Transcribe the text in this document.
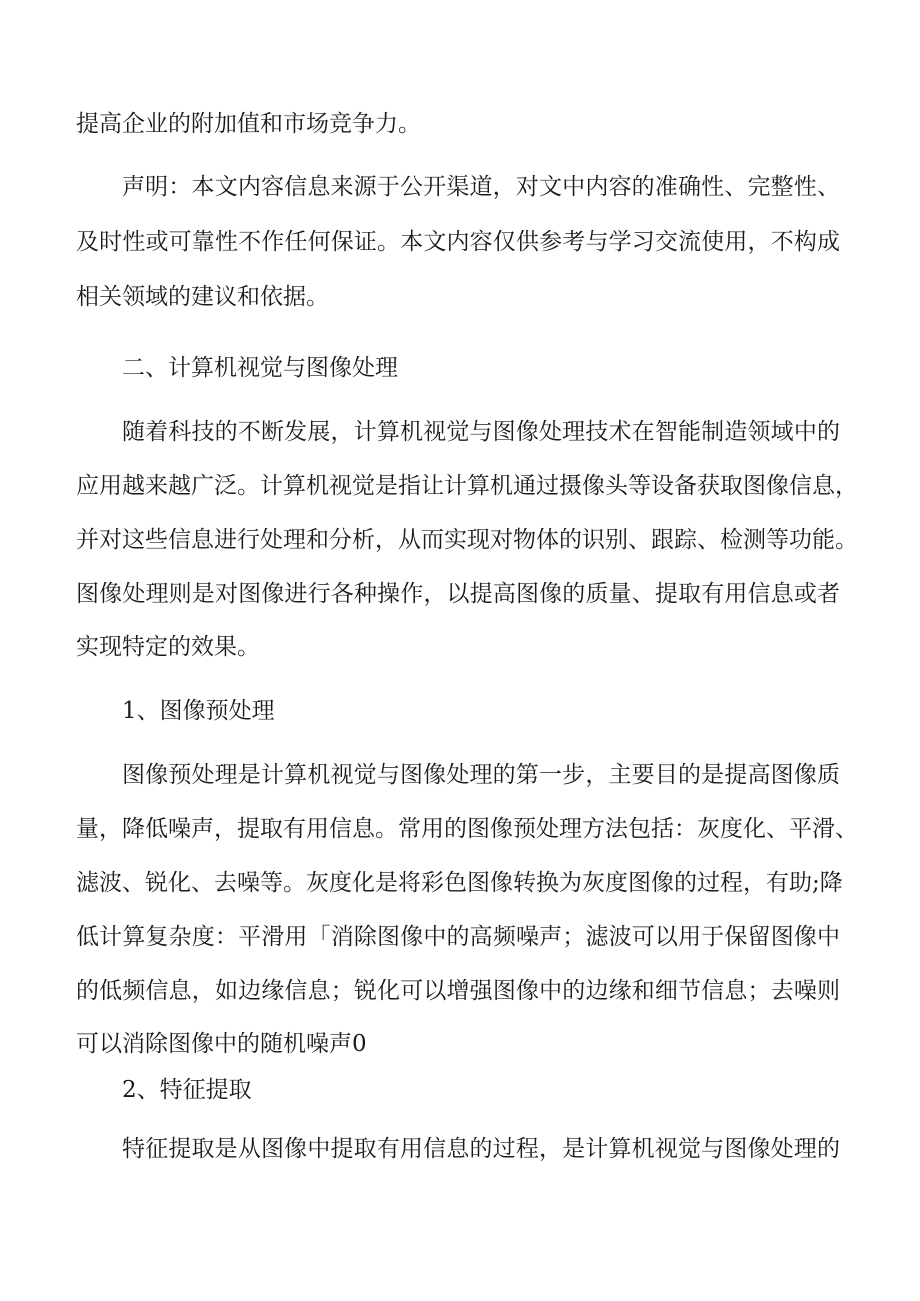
提高企业的附加值和市场竞争力。

声明：本文内容信息来源于公开渠道，对文中内容的准确性、完整性、

及时性或可靠性不作任何保证。本文内容仅供参考与学习交流使用，不构成

相关领域的建议和依据。

二、计算机视觉与图像处理

随着科技的不断发展，计算机视觉与图像处理技术在智能制造领域中的

应用越来越广泛。计算机视觉是指让计算机通过摄像头等设备获取图像信息，

并对这些信息进行处理和分析，从而实现对物体的识别、跟踪、检测等功能。

图像处理则是对图像进行各种操作，以提高图像的质量、提取有用信息或者

实现特定的效果。

1、图像预处理

图像预处理是计算机视觉与图像处理的第一步，主要目的是提高图像质

量，降低噪声，提取有用信息。常用的图像预处理方法包括：灰度化、平滑、

滤波、锐化、去噪等。灰度化是将彩色图像转换为灰度图像的过程，有助;降

低计算复杂度：平滑用「消除图像中的高频噪声；滤波可以用于保留图像中

的低频信息，如边缘信息；锐化可以增强图像中的边缘和细节信息；去噪则

可以消除图像中的随机噪声0

2、特征提取

特征提取是从图像中提取有用信息的过程，是计算机视觉与图像处理的
